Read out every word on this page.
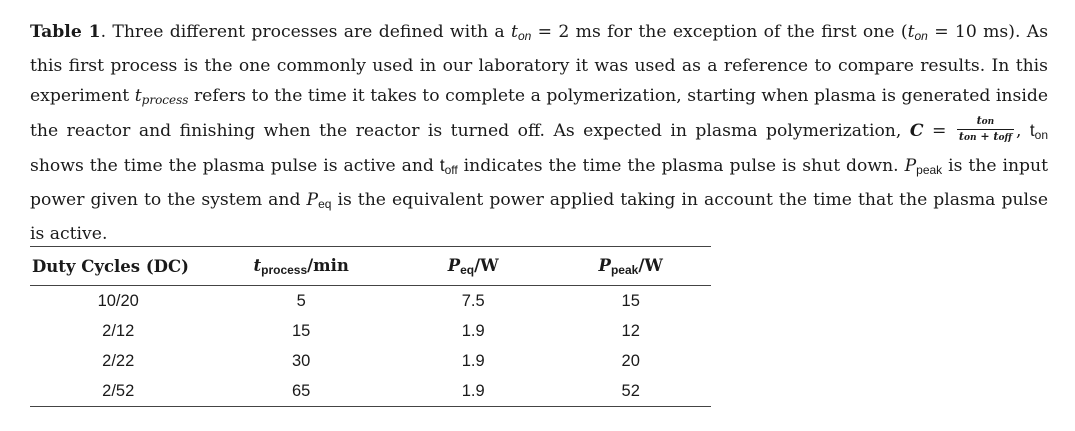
Table 1. Three different processes are defined with a $t_{on} = 2$ ms for the exception of the first one ($t_{on} = 10$ ms). As this first process is the one commonly used in our laboratory it was used as a reference to compare results. In this experiment $t_{process}$ refers to the time it takes to complete a polymerization, starting when plasma is generated inside the reactor and finishing when the reactor is turned off. As expected in plasma polymerization, $C = \frac{\text{ton}}{\text{ton + toff}}$ , $t_{on}$ shows the time the plasma pulse is active and $t_{off}$ indicates the time the plasma pulse is shut down. $P_{peak}$ is the input power given to the system and $P_{eq}$ is the equivalent power applied taking in account the time that the plasma pulse is active.
Duty Cycles (DC)	tprocess/min	Peq/W	Ppeak/W
10/20	5	7.5	15
2/12	15	1.9	12
2/22	30	1.9	20
2/52	65	1.9	52
